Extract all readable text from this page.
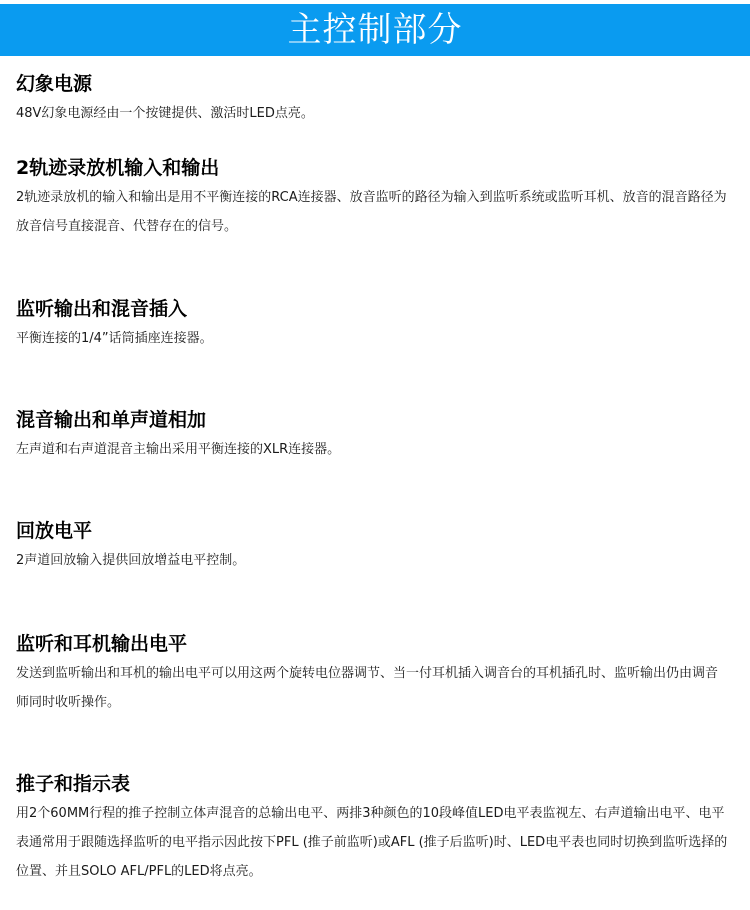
主控制部分
幻象电源

48V幻象电源经由一个按键提供、激活时LED点亮。

2轨迹录放机输入和输出

2轨迹录放机的输入和输出是用不平衡连接的RCA连接器、放音监听的路径为输入到监听系统或监听耳机、放音的混音路径为放音信号直接混音、代替存在的信号。

监听输出和混音插入

平衡连接的1/4”话筒插座连接器。

混音输出和单声道相加

左声道和右声道混音主输出采用平衡连接的XLR连接器。

回放电平

2声道回放输入提供回放增益电平控制。

监听和耳机输出电平

发送到监听输出和耳机的输出电平可以用这两个旋转电位器调节、当一付耳机插入调音台的耳机插孔时、监听输出仍由调音师同时收听操作。

推子和指示表

用2个60MM行程的推子控制立体声混音的总输出电平、两排3种颜色的10段峰值LED电平表监视左、右声道输出电平、电平表通常用于跟随选择监听的电平指示因此按下PFL (推子前监听)或AFL (推子后监听)时、LED电平表也同时切换到监听选择的位置、并且SOLO AFL/PFL的LED将点亮。
